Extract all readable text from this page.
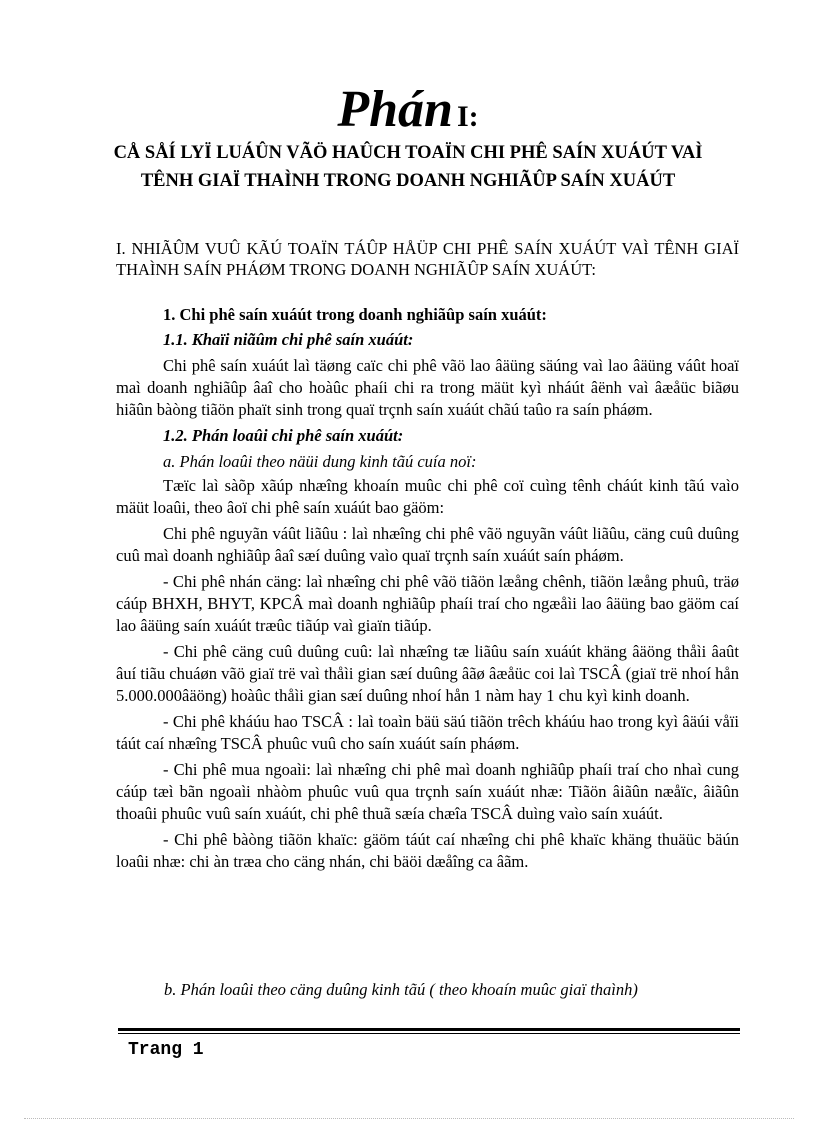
Phán I:
CÅ SÅÍ LYÏ LUÁÛN VÃÖ HAÛCH TOAÏN CHI PHÊ SAÍN XUÁÚT VAÌ TÊNH GIAÏ THAÌNH TRONG DOANH NGHIÃÛP SAÍN XUÁÚT
I. NHIÃÛM VUÛ KÃÚ TOAÏN TÁÛP HÅÜP CHI PHÊ SAÍN XUÁÚT VAÌ TÊNH GIAÏ THAÌNH SAÍN PHÁØM TRONG DOANH NGHIÃÛP SAÍN XUÁÚT:

1. Chi phê saín xuáút trong doanh nghiãûp saín xuáút:

1.1. Khaïi niãûm chi phê saín xuáút:

Chi phê saín xuáút laì täøng caïc chi phê vãö lao âäüng säúng vaì lao âäüng váût hoaï maì doanh nghiãûp âaî cho hoàûc phaíi chi ra trong mäüt kyì nháút âënh vaì âæåüc biãøu hiãûn bàòng tiãön phaït sinh trong quaï trçnh saín xuáút chãú taûo ra saín pháøm.

1.2. Phán loaûi chi phê saín xuáút:

a. Phán loaûi theo näüi dung kinh tãú cuía noï:

Tæïc laì sàõp xãúp nhæîng khoaín muûc chi phê coï cuìng tênh cháút kinh tãú vaìo mäüt loaûi, theo âoï chi phê saín xuáút bao gäöm:

Chi phê nguyãn váût liãûu : laì nhæîng chi phê vãö nguyãn váût liãûu, cäng cuû duûng cuû maì doanh nghiãûp âaî sæí duûng vaìo quaï trçnh saín xuáút saín pháøm.

- Chi phê nhán cäng: laì nhæîng chi phê vãö tiãön læång chênh, tiãön læång phuû, träø cáúp BHXH, BHYT, KPCÂ maì doanh nghiãûp phaíi traí cho ngæåìi lao âäüng bao gäöm caí lao âäüng saín xuáút træûc tiãúp vaì giaïn tiãúp.

- Chi phê cäng cuû duûng cuû: laì nhæîng tæ liãûu saín xuáút khäng âäöng thåìi âaût âuí tiãu chuáøn vãö giaï trë vaì thåìi gian sæí duûng âãø âæåüc coi laì TSCÂ (giaï trë nhoí hån 5.000.000âäöng) hoàûc thåìi gian sæí duûng nhoí hån 1 nàm hay 1 chu kyì kinh doanh.

- Chi phê kháúu hao TSCÂ : laì toaìn bäü säú tiãön trêch kháúu hao trong kyì âäúi våïi táút caí nhæîng TSCÂ phuûc vuû cho saín xuáút saín pháøm.

- Chi phê mua ngoaìi: laì nhæîng chi phê maì doanh nghiãûp phaíi traí cho nhaì cung cáúp tæì bãn ngoaìi nhàòm phuûc vuû qua trçnh saín xuáút nhæ: Tiãön âiãûn næåïc, âiãûn thoaûi phuûc vuû saín xuáút, chi phê thuã sæía chæîa TSCÂ duìng vaìo saín xuáút.

- Chi phê bàòng tiãön khaïc: gäöm táút caí nhæîng chi phê khaïc khäng thuäüc bäún loaûi nhæ: chi àn træa cho cäng nhán, chi bäöi dæåîng ca âãm.

b. Phán loaûi theo cäng duûng kinh tãú ( theo khoaín muûc giaï thaình)
Trang 1
